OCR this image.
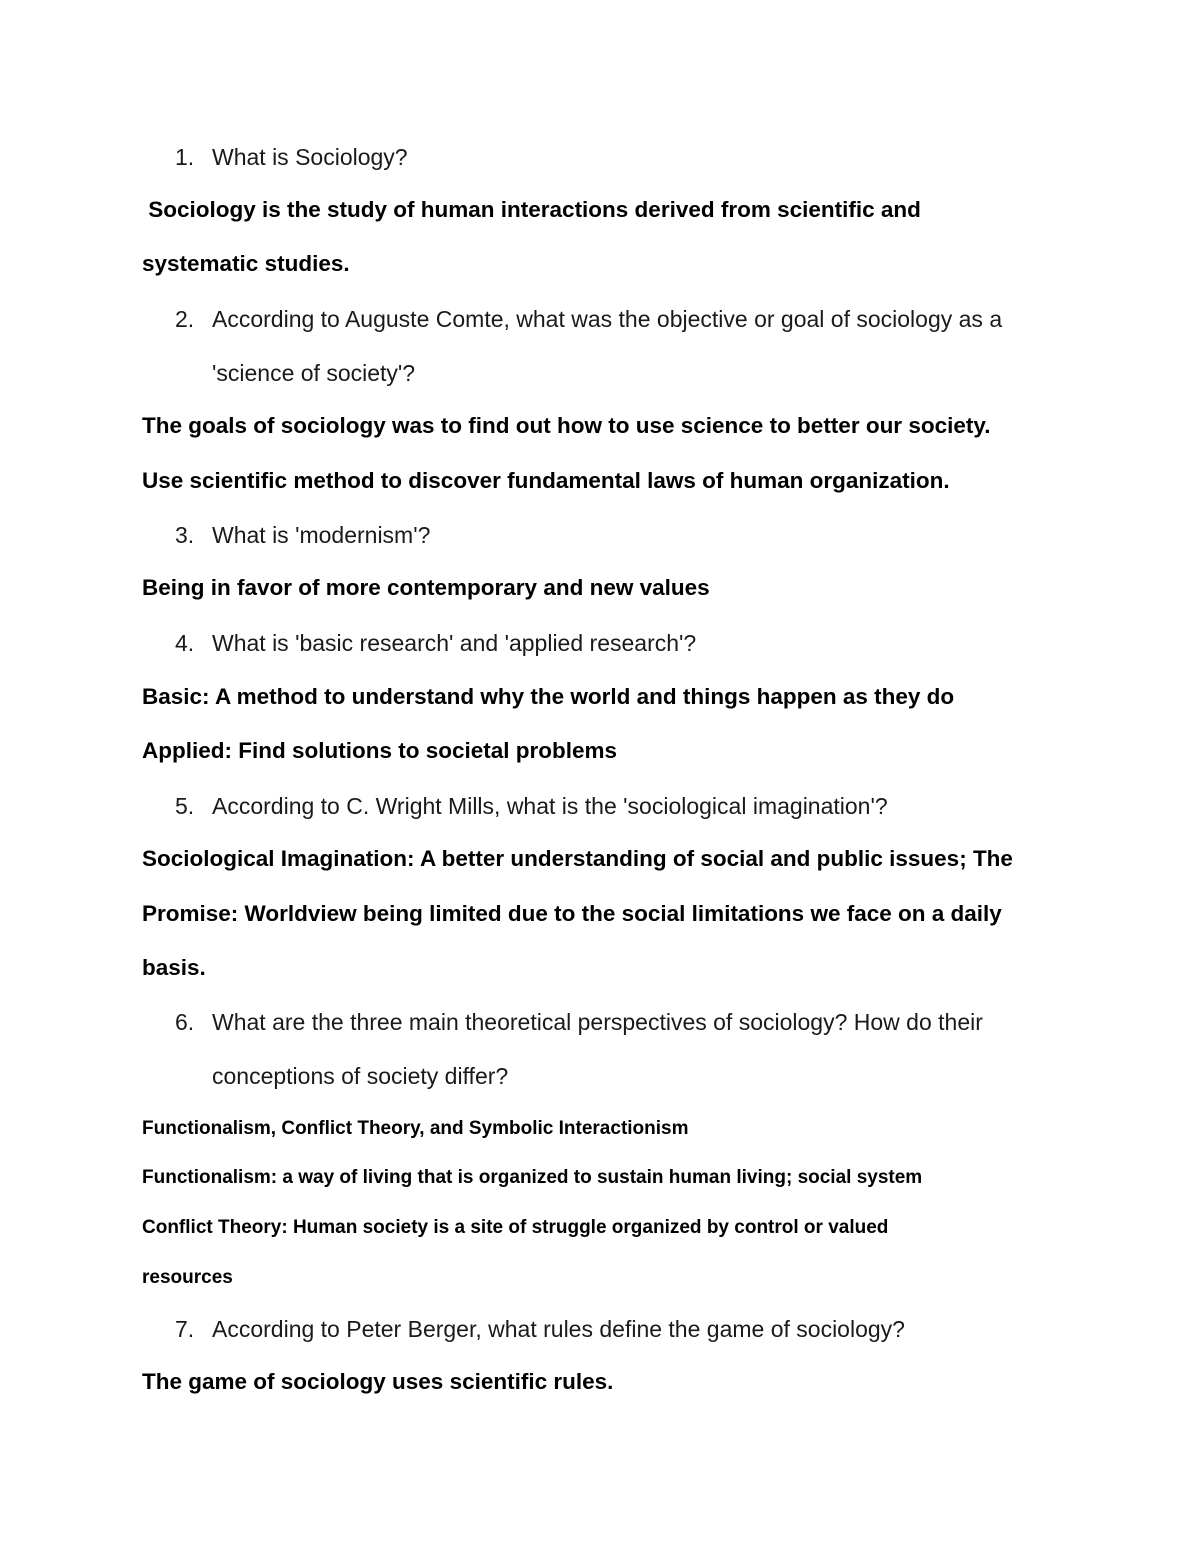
1. What is Sociology?
Sociology is the study of human interactions derived from scientific and
systematic studies.
2. According to Auguste Comte, what was the objective or goal of sociology as a
'science of society'?
The goals of sociology was to find out how to use science to better our society.
Use scientific method to discover fundamental laws of human organization.
3. What is 'modernism'?
Being in favor of more contemporary and new values
4. What is 'basic research' and 'applied research'?
Basic: A method to understand why the world and things happen as they do
Applied: Find solutions to societal problems
5. According to C. Wright Mills, what is the 'sociological imagination'?
Sociological Imagination: A better understanding of social and public issues; The
Promise: Worldview being limited due to the social limitations we face on a daily
basis.
6. What are the three main theoretical perspectives of sociology? How do their
conceptions of society differ?
Functionalism, Conflict Theory, and Symbolic Interactionism
Functionalism: a way of living that is organized to sustain human living; social system
Conflict Theory: Human society is a site of struggle organized by control or valued
resources
7. According to Peter Berger, what rules define the game of sociology?
The game of sociology uses scientific rules.
